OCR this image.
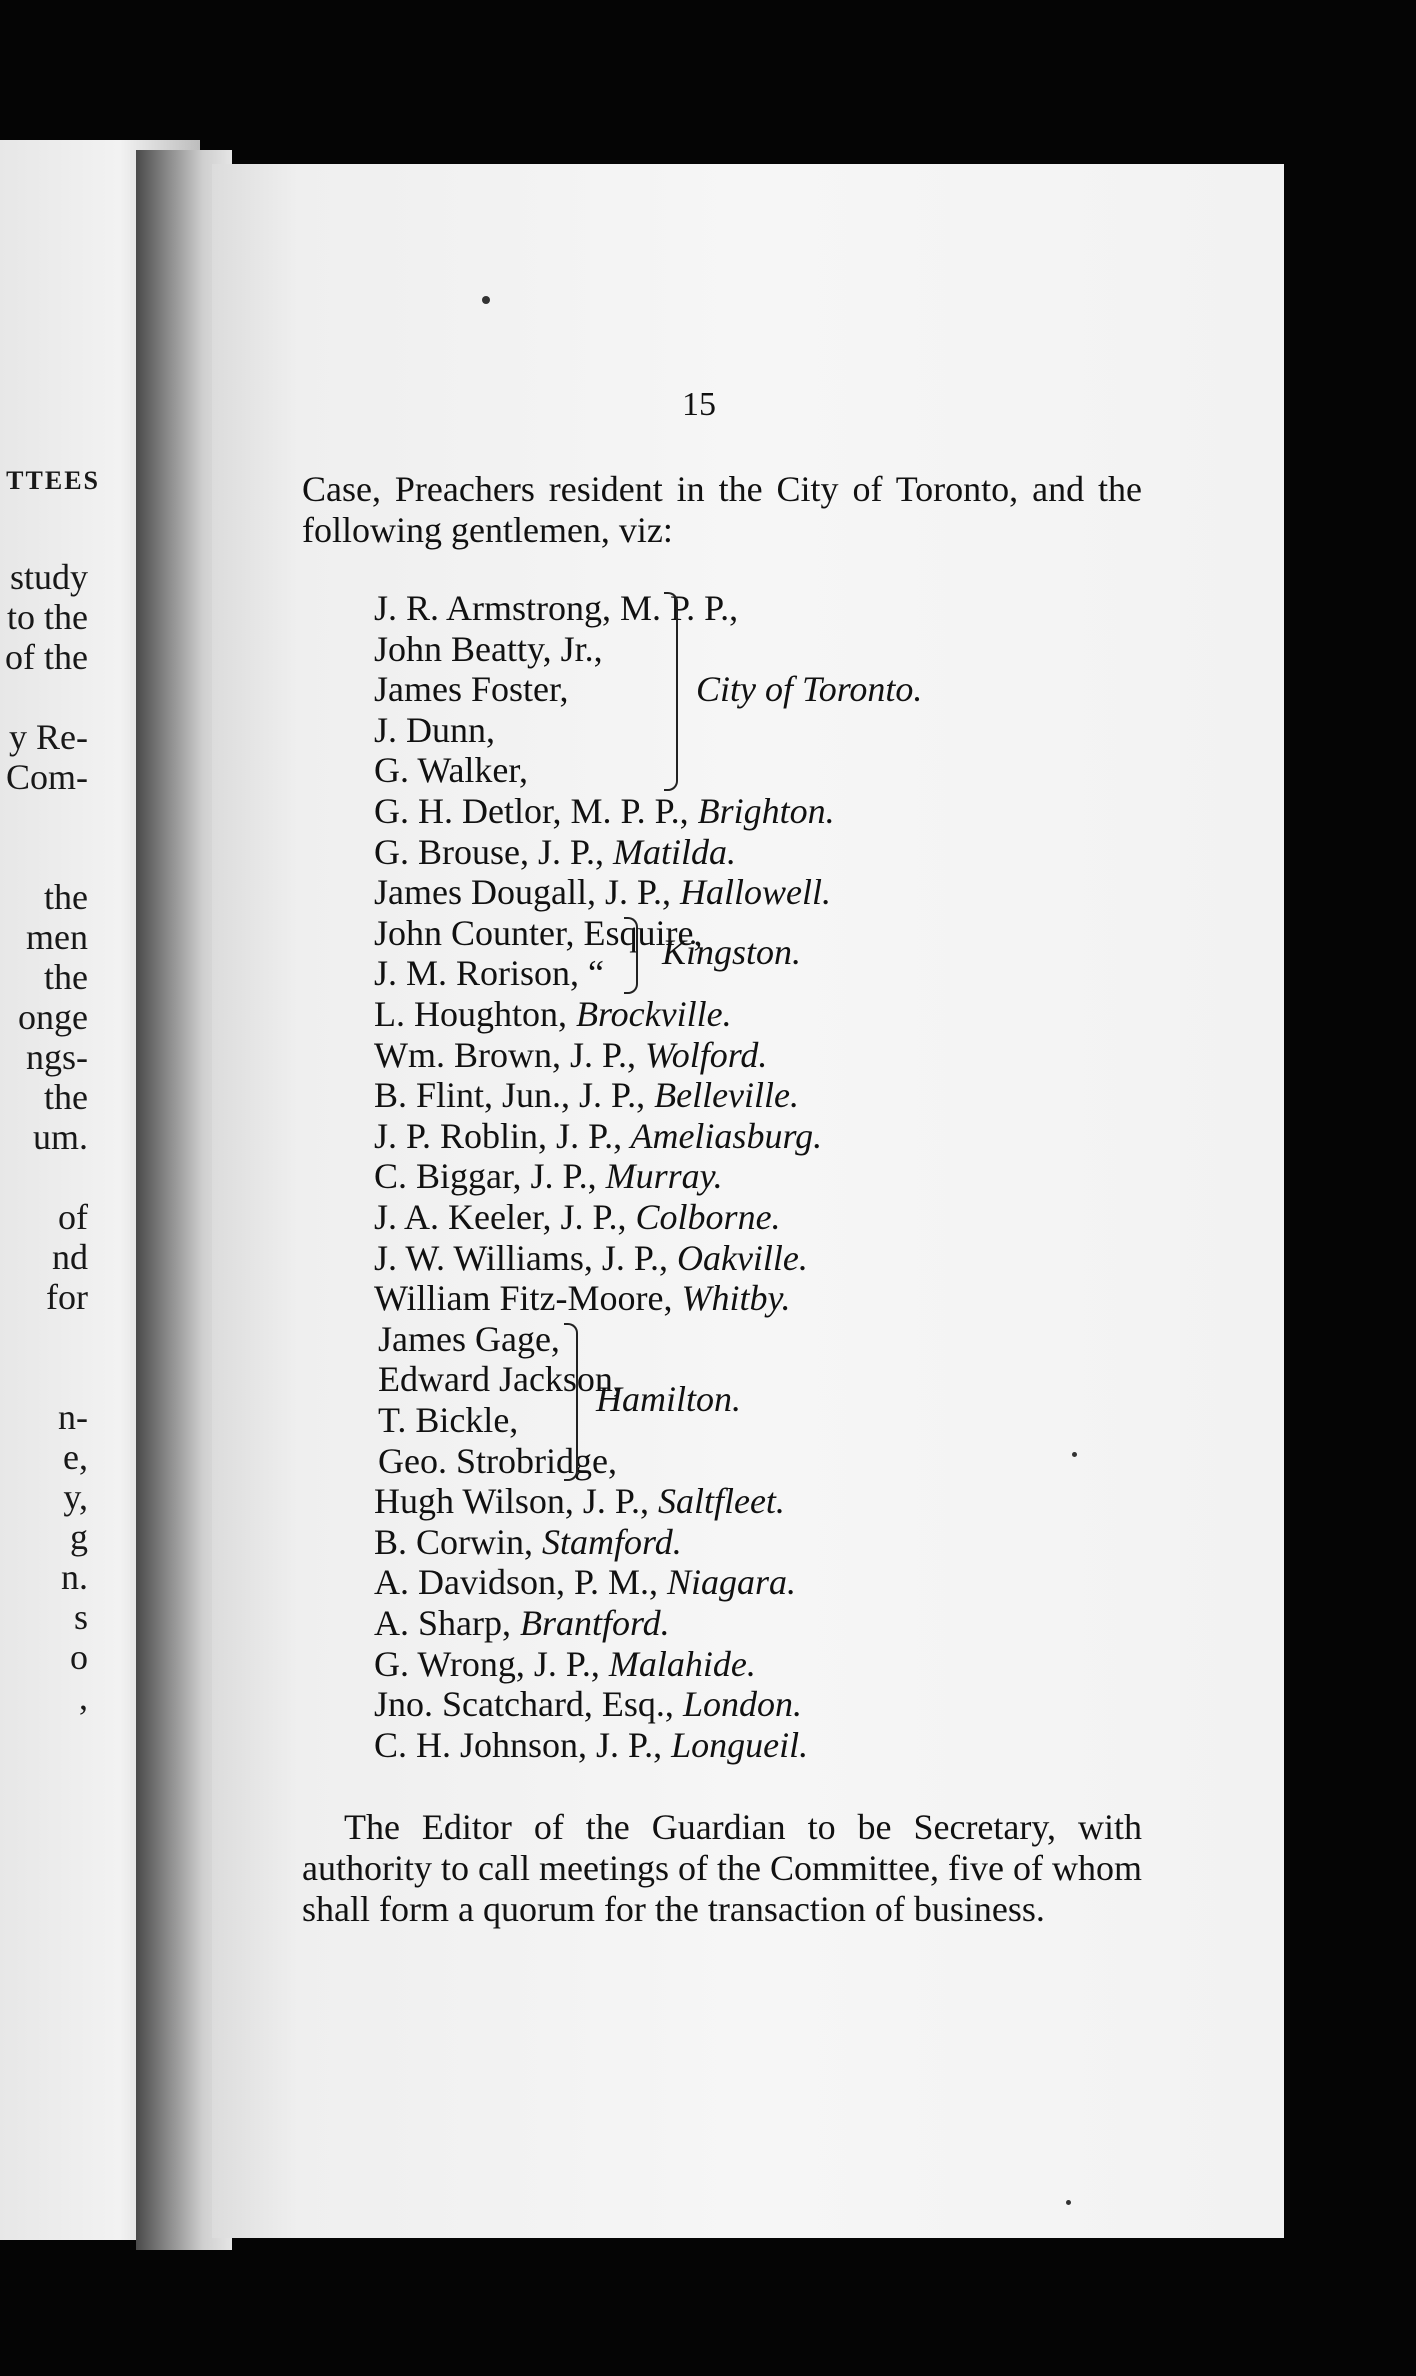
TTEES
study
to the
of the
y Re-
Com-
the
men
the
onge
ngs-
the
um.
of
nd
for
n-
e,
y,
g
n.
s
o
,
15
Case, Preachers resident in the City of Toronto, and the following gentlemen, viz:
J. R. Armstrong, M. P. P.,
John Beatty, Jr.,
James Foster,
J. Dunn,
G. Walker,
G. H. Detlor, M. P. P., Brighton.
G. Brouse, J. P., Matilda.
James Dougall, J. P., Hallowell.
John Counter, Esquire,
J. M. Rorison, “
L. Houghton, Brockville.
Wm. Brown, J. P., Wolford.
B. Flint, Jun., J. P., Belleville.
J. P. Roblin, J. P., Ameliasburg.
C. Biggar, J. P., Murray.
J. A. Keeler, J. P., Colborne.
J. W. Williams, J. P., Oakville.
William Fitz-Moore, Whitby.
James Gage,
Edward Jackson,
T. Bickle,
Geo. Strobridge,
Hugh Wilson, J. P., Saltfleet.
B. Corwin, Stamford.
A. Davidson, P. M., Niagara.
A. Sharp, Brantford.
G. Wrong, J. P., Malahide.
Jno. Scatchard, Esq., London.
C. H. Johnson, J. P., Longueil.
City of Toronto.
Kingston.
Hamilton.
The Editor of the Guardian to be Secretary, with authority to call meetings of the Committee, five of whom shall form a quorum for the transaction of business.
